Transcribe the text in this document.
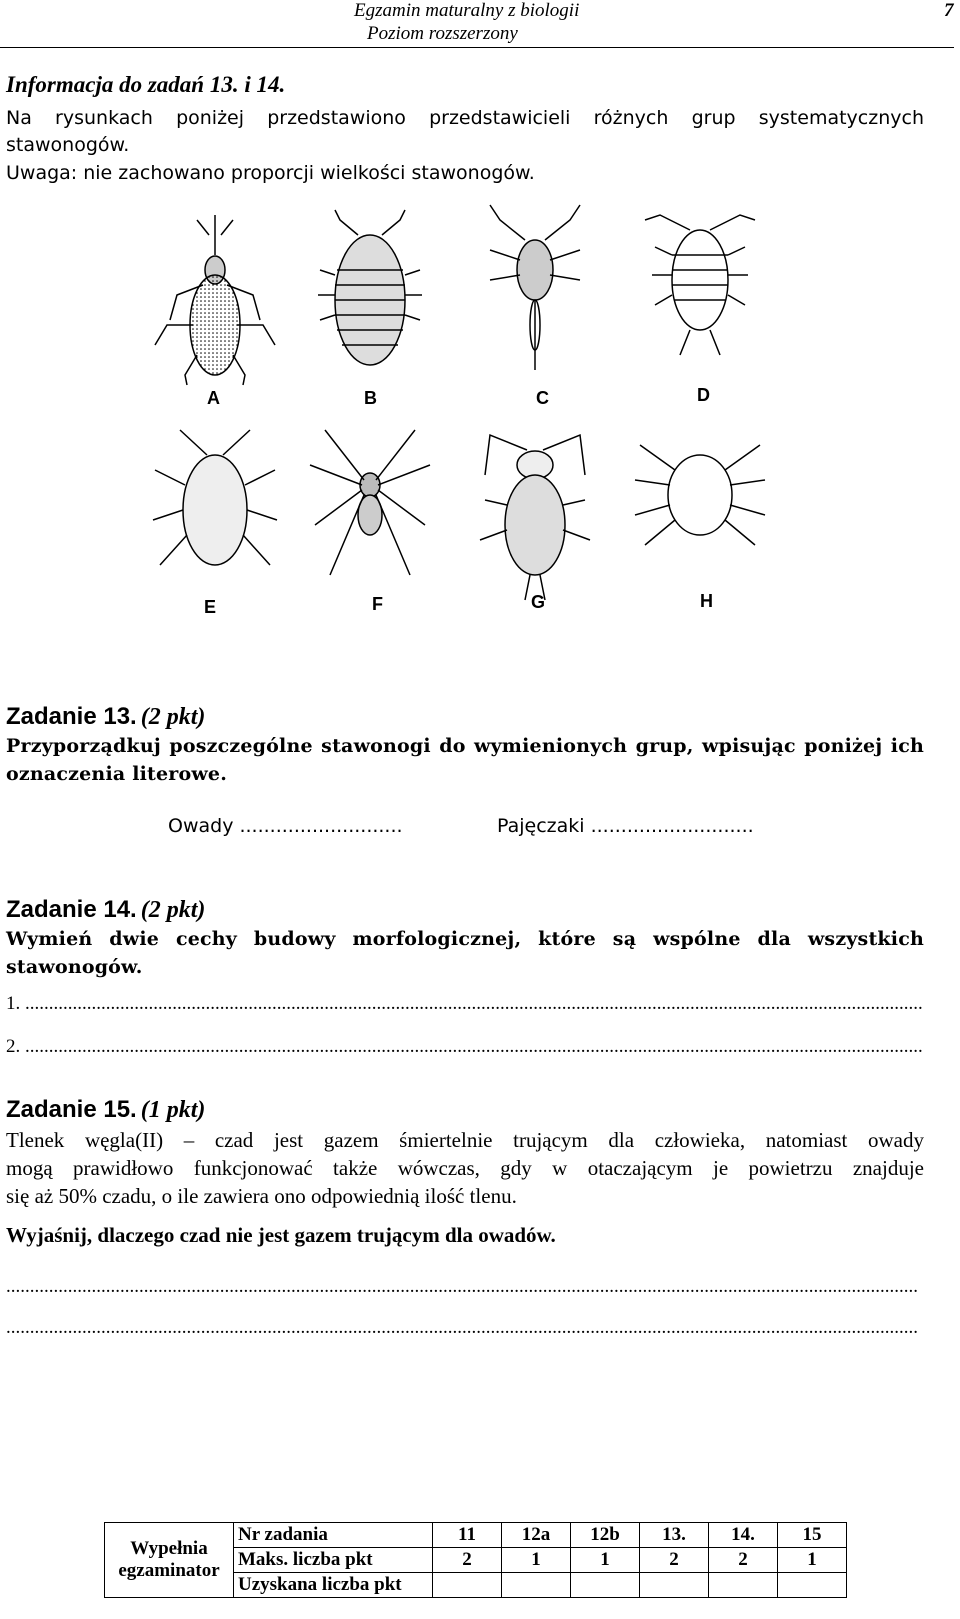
Egzamin maturalny z biologii
Poziom rozszerzony
7
Informacja do zadań 13. i 14.
Na rysunkach poniżej przedstawiono przedstawicieli różnych grup systematycznych
stawonogów.
Uwaga: nie zachowano proporcji wielkości stawonogów.
A	B	C	D
E	F	G	H
Zadanie 13. (2 pkt)
Przyporządkuj poszczególne stawonogi do wymienionych grup, wpisując poniżej ich
oznaczenia literowe.
Owady ...........................	Pajęczaki ...........................
Zadanie 14. (2 pkt)
Wymień dwie cechy budowy morfologicznej, które są wspólne dla wszystkich
stawonogów.
1. .............................................................................................................................................................................................
2. .............................................................................................................................................................................................
Zadanie 15. (1 pkt)
Tlenek węgla(II) – czad jest gazem śmiertelnie trującym dla człowieka, natomiast owady
mogą prawidłowo funkcjonować także wówczas, gdy w otaczającym je powietrzu znajduje
się aż 50% czadu, o ile zawiera ono odpowiednią ilość tlenu.
Wyjaśnij, dlaczego czad nie jest gazem trującym dla owadów.
................................................................................................................................................................................................
................................................................................................................................................................................................
Wypełnia
egzaminator	Nr zadania	11	12a	12b	13.	14.	15
	Maks. liczba pkt	2	1	1	2	2	1
	Uzyskana liczba pkt						
